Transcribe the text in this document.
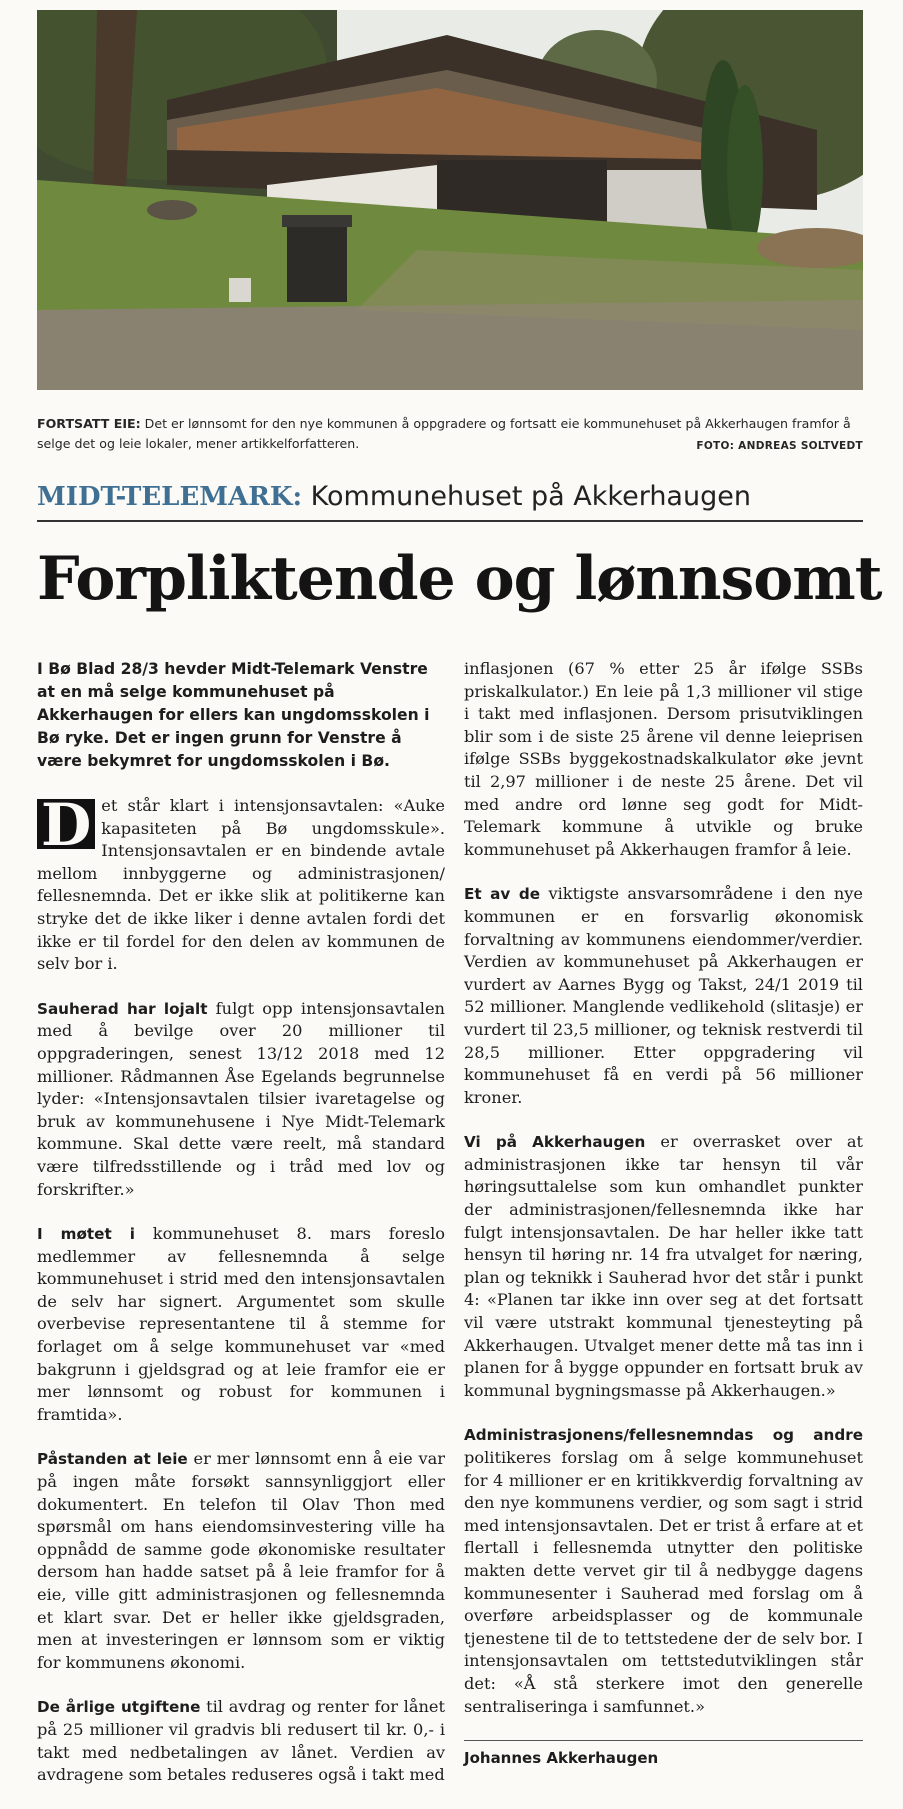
FORTSATT EIE: Det er lønnsomt for den nye kommunen å oppgradere og fortsatt eie kommunehuset på Akkerhaugen framfor å selge det og leie lokaler, mener artikkelforfatteren.	FOTO: ANDREAS SOLTVEDT
MIDT-TELEMARK: Kommunehuset på Akkerhaugen
Forpliktende og lønnsomt

I Bø Blad 28/3 hevder Midt-Telemark Venstre at en må selge kommunehuset på Akkerhaugen for ellers kan ungdomsskolen i Bø ryke. Det er ingen grunn for Venstre å være bekymret for ungdomsskolen i Bø.

D et står klart i intensjonsavtalen: «Auke kapasiteten på Bø ungdomsskule». Intensjonsavtalen er en bindende avtale mellom innbyggerne og administrasjonen/ fellesnemnda. Det er ikke slik at politikerne kan stryke det de ikke liker i denne avtalen fordi det ikke er til fordel for den delen av kommunen de selv bor i.

Sauherad har lojalt fulgt opp intensjonsavtalen med å bevilge over 20 millioner til oppgraderingen, senest 13/12 2018 med 12 millioner. Rådmannen Åse Egelands begrunnelse lyder: «Intensjonsavtalen tilsier ivaretagelse og bruk av kommunehusene i Nye Midt-Telemark kommune. Skal dette være reelt, må standard være tilfredsstillende og i tråd med lov og forskrifter.»

I møtet i kommunehuset 8. mars foreslo medlemmer av fellesnemnda å selge kommunehuset i strid med den intensjonsavtalen de selv har signert. Argumentet som skulle overbevise representantene til å stemme for forlaget om å selge kommunehuset var «med bakgrunn i gjeldsgrad og at leie framfor eie er mer lønnsomt og robust for kommunen i framtida».

Påstanden at leie er mer lønnsomt enn å eie var på ingen måte forsøkt sannsynliggjort eller dokumentert. En telefon til Olav Thon med spørsmål om hans eiendomsinvestering ville ha oppnådd de samme gode økonomiske resultater dersom han hadde satset på å leie framfor for å eie, ville gitt administrasjonen og fellesnemnda et klart svar. Det er heller ikke gjeldsgraden, men at investeringen er lønnsom som er viktig for kommunens økonomi.

De årlige utgiftene til avdrag og renter for lånet på 25 millioner vil gradvis bli redusert til kr. 0,- i takt med nedbetalingen av lånet. Verdien av avdragene som betales reduseres også i takt med

inflasjonen (67 % etter 25 år ifølge SSBs priskalkulator.) En leie på 1,3 millioner vil stige i takt med inflasjonen. Dersom prisutviklingen blir som i de siste 25 årene vil denne leieprisen ifølge SSBs byggekostnadskalkulator øke jevnt til 2,97 millioner i de neste 25 årene. Det vil med andre ord lønne seg godt for Midt-Telemark kommune å utvikle og bruke kommunehuset på Akkerhaugen framfor å leie.

Et av de viktigste ansvarsområdene i den nye kommunen er en forsvarlig økonomisk forvaltning av kommunens eiendommer/verdier. Verdien av kommunehuset på Akkerhaugen er vurdert av Aarnes Bygg og Takst, 24/1 2019 til 52 millioner. Manglende vedlikehold (slitasje) er vurdert til 23,5 millioner, og teknisk restverdi til 28,5 millioner. Etter oppgradering vil kommunehuset få en verdi på 56 millioner kroner.

Vi på Akkerhaugen er overrasket over at administrasjonen ikke tar hensyn til vår høringsuttalelse som kun omhandlet punkter der administrasjonen/fellesnemnda ikke har fulgt intensjonsavtalen. De har heller ikke tatt hensyn til høring nr. 14 fra utvalget for næring, plan og teknikk i Sauherad hvor det står i punkt 4: «Planen tar ikke inn over seg at det fortsatt vil være utstrakt kommunal tjenesteyting på Akkerhaugen. Utvalget mener dette må tas inn i planen for å bygge oppunder en fortsatt bruk av kommunal bygningsmasse på Akkerhaugen.»

Administrasjonens/fellesnemndas og andre politikeres forslag om å selge kommunehuset for 4 millioner er en kritikkverdig forvaltning av den nye kommunens verdier, og som sagt i strid med intensjonsavtalen. Det er trist å erfare at et flertall i fellesnemda utnytter den politiske makten dette vervet gir til å nedbygge dagens kommunesenter i Sauherad med forslag om å overføre arbeidsplasser og de kommunale tjenestene til de to tettstedene der de selv bor. I intensjonsavtalen om tettstedutviklingen står det: «Å stå sterkere imot den generelle sentraliseringa i samfunnet.»

Johannes Akkerhaugen
